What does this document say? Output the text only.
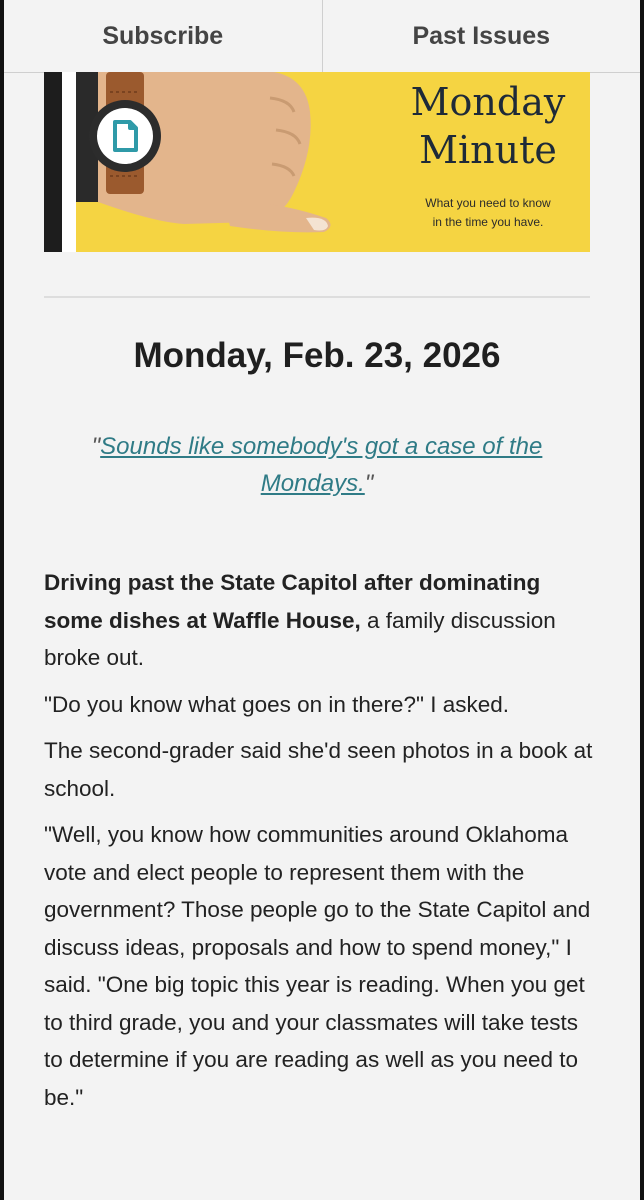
Subscribe	Past Issues
Monday
Minute
What you need to know
in the time you have.
Monday, Feb. 23, 2026
"Sounds like somebody's got a case of the Mondays."

Driving past the State Capitol after dominating some dishes at Waffle House, a family discussion broke out.

"Do you know what goes on in there?" I asked.

The second-grader said she'd seen photos in a book at school.

"Well, you know how communities around Oklahoma vote and elect people to represent them with the government? Those people go to the State Capitol and discuss ideas, proposals and how to spend money," I said. "One big topic this year is reading. When you get to third grade, you and your classmates will take tests to determine if you are reading as well as you need to be."
